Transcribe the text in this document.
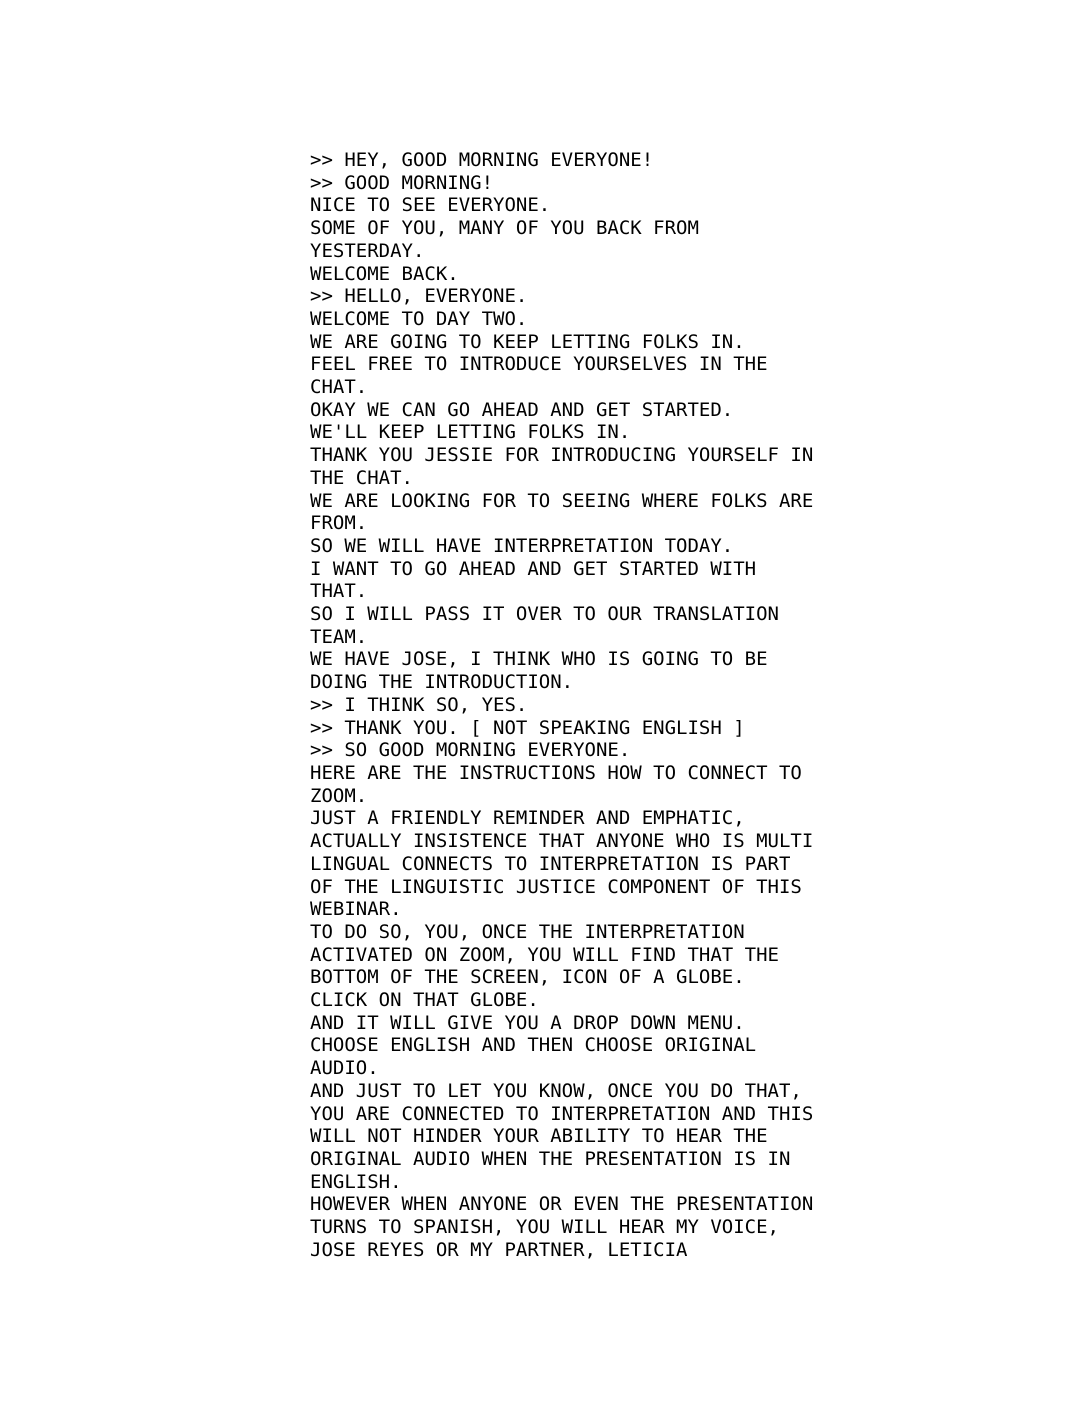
>> HEY, GOOD MORNING EVERYONE!
>> GOOD MORNING!
NICE TO SEE EVERYONE.
SOME OF YOU, MANY OF YOU BACK FROM
YESTERDAY.
WELCOME BACK.
>> HELLO, EVERYONE.
WELCOME TO DAY TWO.
WE ARE GOING TO KEEP LETTING FOLKS IN.
FEEL FREE TO INTRODUCE YOURSELVES IN THE
CHAT.
OKAY WE CAN GO AHEAD AND GET STARTED.
WE'LL KEEP LETTING FOLKS IN.
THANK YOU JESSIE FOR INTRODUCING YOURSELF IN
THE CHAT.
WE ARE LOOKING FOR TO SEEING WHERE FOLKS ARE
FROM.
SO WE WILL HAVE INTERPRETATION TODAY.
I WANT TO GO AHEAD AND GET STARTED WITH
THAT.
SO I WILL PASS IT OVER TO OUR TRANSLATION
TEAM.
WE HAVE JOSE, I THINK WHO IS GOING TO BE
DOING THE INTRODUCTION.
>> I THINK SO, YES.
>> THANK YOU. [ NOT SPEAKING ENGLISH ]
>> SO GOOD MORNING EVERYONE.
HERE ARE THE INSTRUCTIONS HOW TO CONNECT TO
ZOOM.
JUST A FRIENDLY REMINDER AND EMPHATIC,
ACTUALLY INSISTENCE THAT ANYONE WHO IS MULTI
LINGUAL CONNECTS TO INTERPRETATION IS PART
OF THE LINGUISTIC JUSTICE COMPONENT OF THIS
WEBINAR.
TO DO SO, YOU, ONCE THE INTERPRETATION
ACTIVATED ON ZOOM, YOU WILL FIND THAT THE
BOTTOM OF THE SCREEN, ICON OF A GLOBE.
CLICK ON THAT GLOBE.
AND IT WILL GIVE YOU A DROP DOWN MENU.
CHOOSE ENGLISH AND THEN CHOOSE ORIGINAL
AUDIO.
AND JUST TO LET YOU KNOW, ONCE YOU DO THAT,
YOU ARE CONNECTED TO INTERPRETATION AND THIS
WILL NOT HINDER YOUR ABILITY TO HEAR THE
ORIGINAL AUDIO WHEN THE PRESENTATION IS IN
ENGLISH.
HOWEVER WHEN ANYONE OR EVEN THE PRESENTATION
TURNS TO SPANISH, YOU WILL HEAR MY VOICE,
JOSE REYES OR MY PARTNER, LETICIA
